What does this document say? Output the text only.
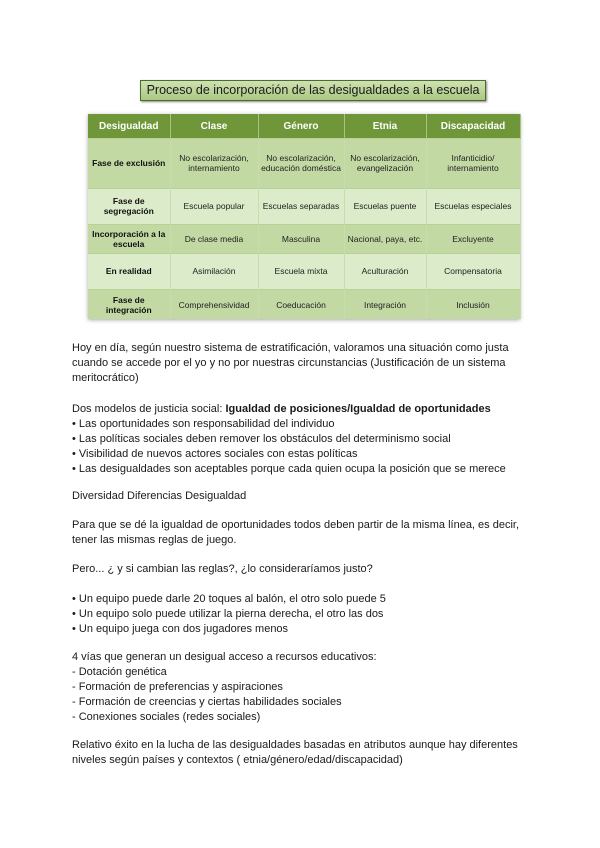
Proceso de incorporación de las desigualdades a la escuela
Desigualdad	Clase	Género	Etnia	Discapacidad
Fase de exclusión	No escolarización, internamiento	No escolarización, educación doméstica	No escolarización, evangelización	Infanticidio/ internamiento
Fase de segregación	Escuela popular	Escuelas separadas	Escuelas puente	Escuelas especiales
Incorporación a la escuela	De clase media	Masculina	Nacional, paya, etc.	Excluyente
En realidad	Asimilación	Escuela mixta	Aculturación	Compensatoria
Fase de integración	Comprehensividad	Coeducación	Integración	Inclusión

Hoy en día, según nuestro sistema de estratificación, valoramos una situación como justa cuando se accede por el yo y no por nuestras circunstancias (Justificación de un sistema meritocrático)

Dos modelos de justicia social: Igualdad de posiciones/Igualdad de oportunidades

• Las oportunidades son responsabilidad del individuo

• Las políticas sociales deben remover los obstáculos del determinismo social

• Visibilidad de nuevos actores sociales con estas políticas

• Las desigualdades son aceptables porque cada quien ocupa la posición que se merece

Diversidad Diferencias Desigualdad

Para que se dé la igualdad de oportunidades todos deben partir de la misma línea, es decir, tener las mismas reglas de juego.

Pero... ¿ y si cambian las reglas?, ¿lo consideraríamos justo?

• Un equipo puede darle 20 toques al balón, el otro solo puede 5

• Un equipo solo puede utilizar la pierna derecha, el otro las dos

• Un equipo juega con dos jugadores menos

4 vías que generan un desigual acceso a recursos educativos:

- Dotación genética

- Formación de preferencias y aspiraciones

- Formación de creencias y ciertas habilidades sociales

- Conexiones sociales (redes sociales)

Relativo éxito en la lucha de las desigualdades basadas en atributos aunque hay diferentes niveles según países y contextos ( etnia/género/edad/discapacidad)
